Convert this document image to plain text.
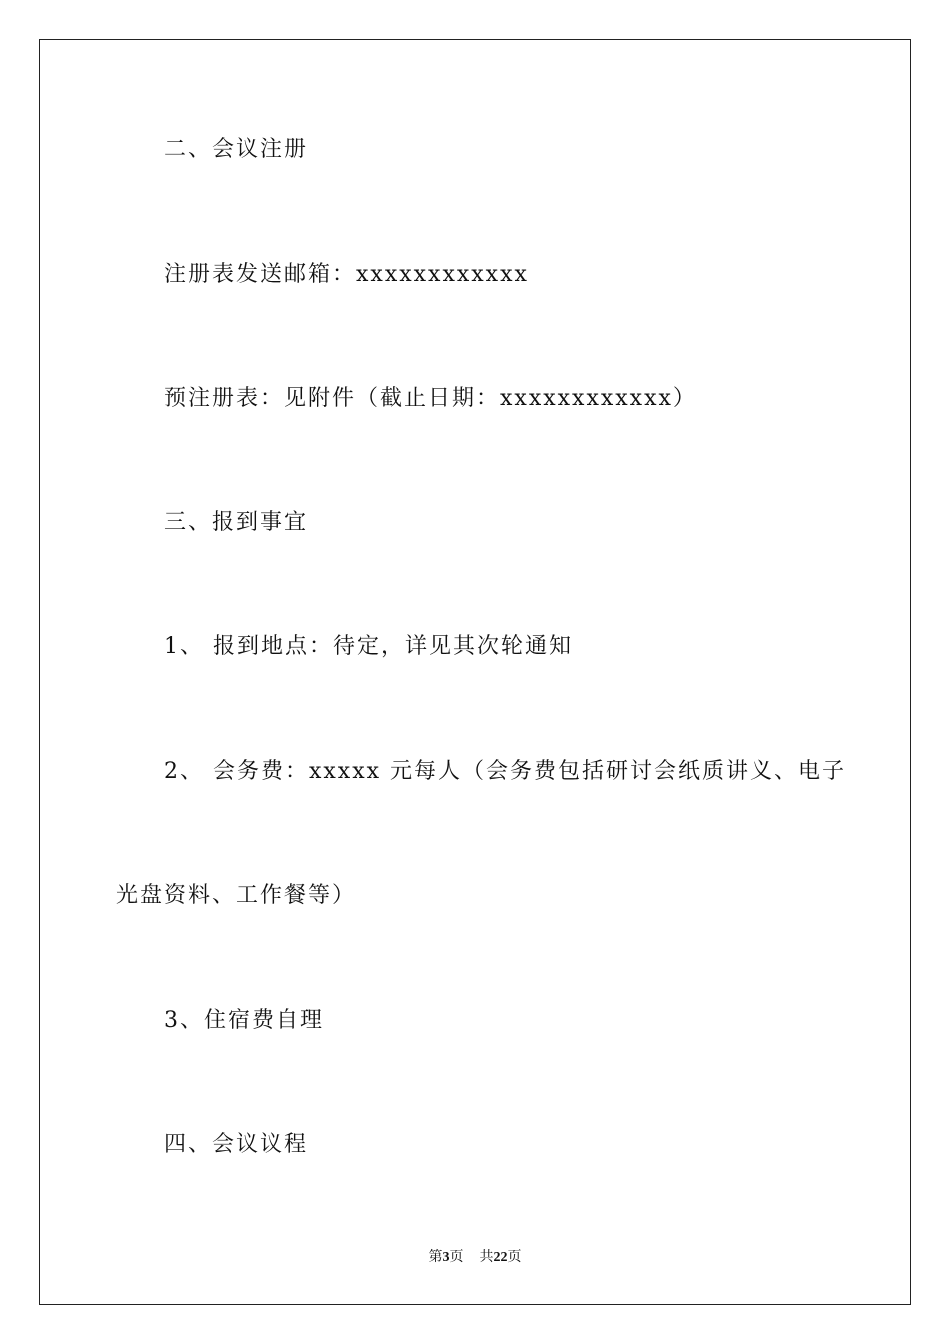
二、会议注册
注册表发送邮箱：xxxxxxxxxxxx
预注册表：见附件（截止日期：xxxxxxxxxxxx）
三、报到事宜
1、 报到地点：待定，详见其次轮通知
2、 会务费：xxxxx 元每人（会务费包括研讨会纸质讲义、电子
光盘资料、工作餐等）
3、住宿费自理
四、会议议程
第3页 共22页
